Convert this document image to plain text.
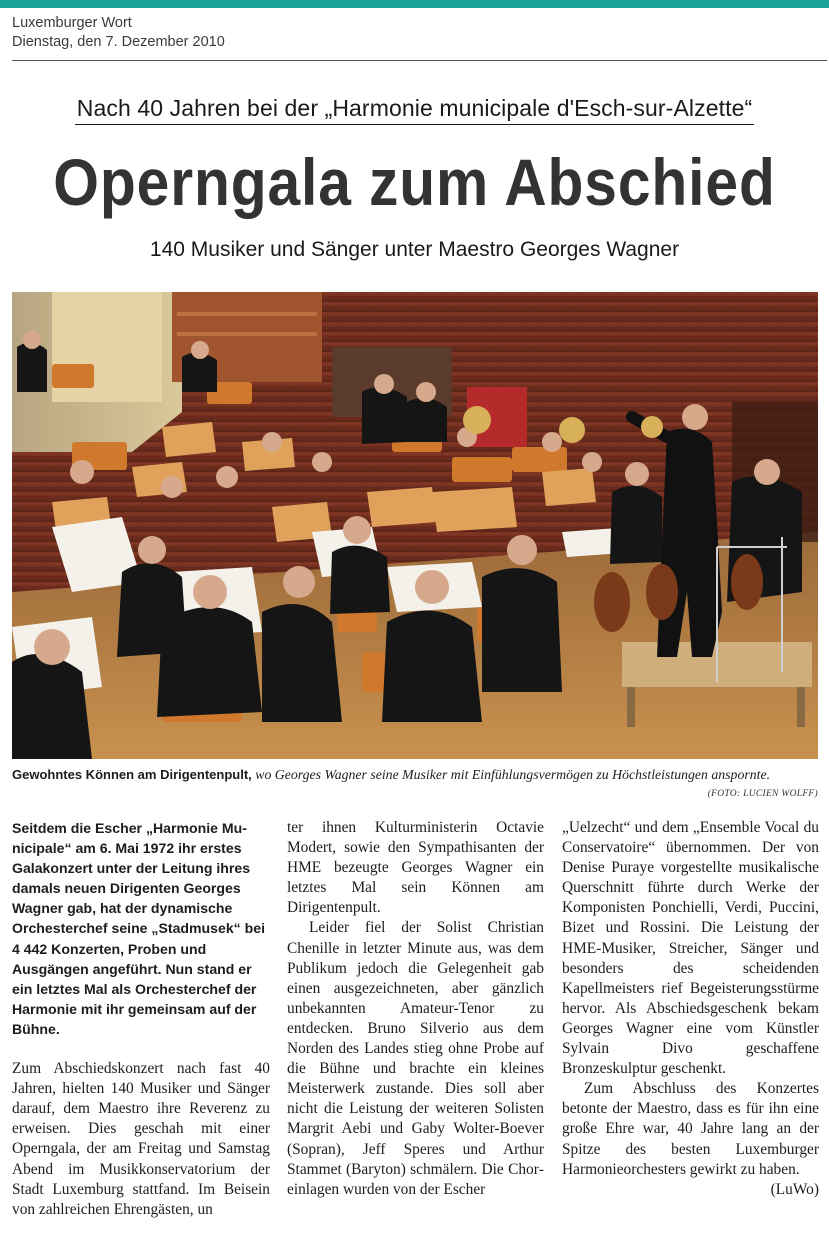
Luxemburger Wort
Dienstag, den 7. Dezember 2010
Nach 40 Jahren bei der „Harmonie municipale d'Esch-sur-Alzette“
Operngala zum Abschied
140 Musiker und Sänger unter Maestro Georges Wagner
Gewohntes Können am Dirigentenpult, wo Georges Wagner seine Musiker mit Einfühlungsvermögen zu Höchstleistungen anspornte.
(FOTO: LUCIEN WOLFF)

Seitdem die Escher „Harmonie Municipale“ am 6. Mai 1972 ihr erstes Galakonzert unter der Leitung ihres damals neuen Dirigenten Georges Wagner gab, hat der dynamische Orchesterchef seine „Stadmusek“ bei 4 442 Konzerten, Proben und Ausgängen angeführt. Nun stand er ein letztes Mal als Orchesterchef der Harmonie mit ihr gemeinsam auf der Bühne.

Zum Abschiedskonzert nach fast 40 Jahren, hielten 140 Musiker und Sänger darauf, dem Maestro ihre Reverenz zu erweisen. Dies geschah mit einer Operngala, der am Freitag und Samstag Abend im Musikkonservatorium der Stadt Luxemburg stattfand. Im Beisein von zahlreichen Ehrengästen, un

ter ihnen Kulturministerin Octavie Modert, sowie den Sympathisanten der HME bezeugte Georges Wagner ein letztes Mal sein Können am Dirigentenpult.

Leider fiel der Solist Christian Chenille in letzter Minute aus, was dem Publikum jedoch die Gelegenheit gab einen ausgezeichneten, aber gänzlich unbekannten Amateur-Tenor zu entdecken. Bruno Silverio aus dem Norden des Landes stieg ohne Probe auf die Bühne und brachte ein kleines Meisterwerk zustande. Dies soll aber nicht die Leistung der weiteren Solisten Margrit Aebi und Gaby Wolter-Boever (Sopran), Jeff Speres und Arthur Stammet (Baryton) schmälern. Die Choreinlagen wurden von der Escher

„Uelzecht“ und dem „Ensemble Vocal du Conservatoire“ übernommen. Der von Denise Puraye vorgestellte musikalische Querschnitt führte durch Werke der Komponisten Ponchielli, Verdi, Puccini, Bizet und Rossini. Die Leistung der HME-Musiker, Streicher, Sänger und besonders des scheidenden Kapellmeisters rief Begeisterungsstürme hervor. Als Abschiedsgeschenk bekam Georges Wagner eine vom Künstler Sylvain Divo geschaffene Bronzeskulptur geschenkt.

Zum Abschluss des Konzertes betonte der Maestro, dass es für ihn eine große Ehre war, 40 Jahre lang an der Spitze des besten Luxemburger Harmonieorchesters gewirkt zu haben.
(LuWo)
